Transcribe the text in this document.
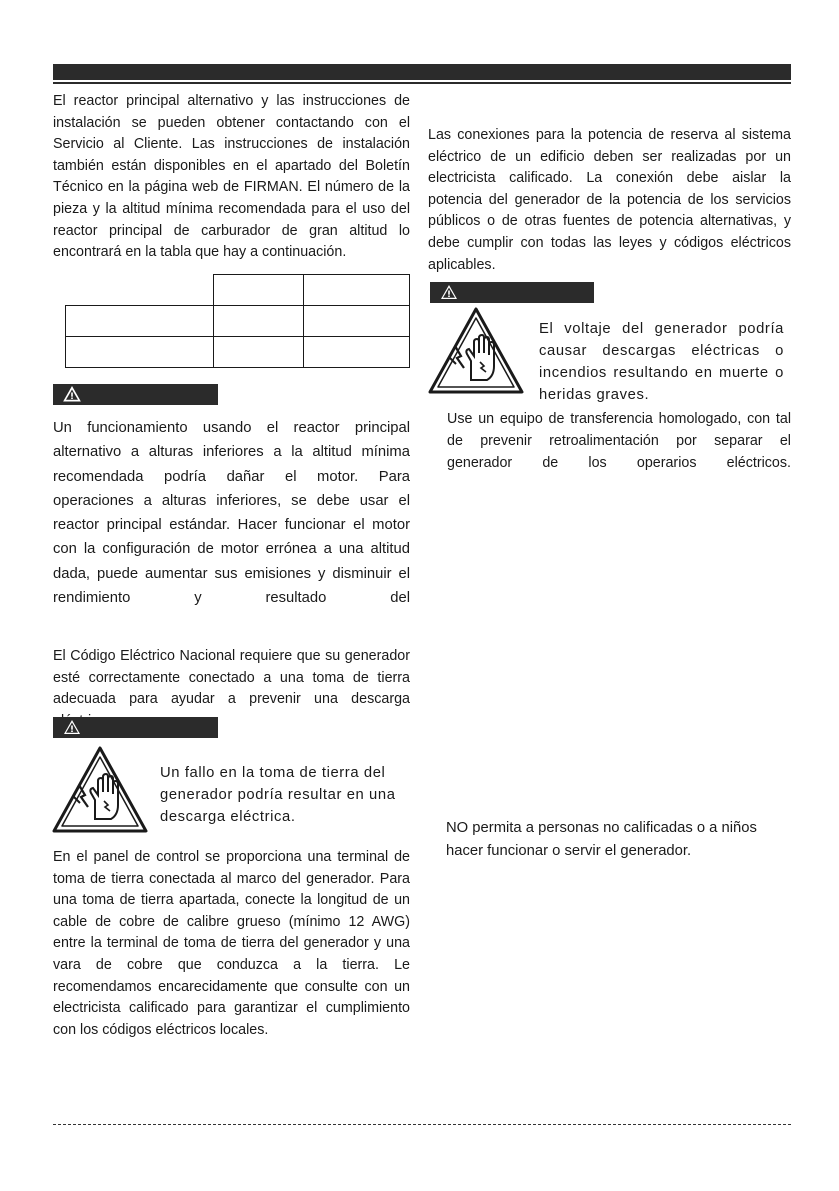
El reactor principal alternativo y las instrucciones de instalación se pueden obtener contactando con el Servicio al Cliente. Las instrucciones de instalación también están disponibles en el apartado del Boletín Técnico en la página web de FIRMAN. El número de la pieza y la altitud mínima recomendada para el uso del reactor principal de carburador de gran altitud lo encontrará en la tabla que hay a continuación.

Un funcionamiento usando el reactor principal alternativo a alturas inferiores a la altitud mínima recomendada podría dañar el motor. Para operaciones a alturas inferiores, se debe usar el reactor principal estándar. Hacer funcionar el motor con la configuración de motor errónea a una altitud dada, puede aumentar sus emisiones y disminuir el rendimiento y resultado del

El Código Eléctrico Nacional requiere que su generador esté correctamente conectado a una toma de tierra adecuada para ayudar a prevenir una descarga

Un fallo en la toma de tierra del generador podría resultar en una descarga eléctrica.

En el panel de control se proporciona una terminal de toma de tierra conectada al marco del generador. Para una toma de tierra apartada, conecte la longitud de un cable de cobre de calibre grueso (mínimo 12 AWG) entre la terminal de toma de tierra del generador y una vara de cobre que conduzca a la tierra. Le recomendamos encarecidamente que consulte con un electricista calificado para garantizar el cumplimiento con los códigos eléctricos locales.

Las conexiones para la potencia de reserva al sistema eléctrico de un edificio deben ser realizadas por un electricista calificado. La conexión debe aislar la potencia del generador de la potencia de los servicios públicos o de otras fuentes de potencia alternativas, y debe cumplir con todas las leyes y códigos eléctricos aplicables.

El voltaje del generador podría causar descargas eléctricas o incendios resultando en muerte o heridas graves.

Use un equipo de transferencia homologado, con tal de prevenir retroalimentación por separar el generador de los operarios eléctricos.

NO permita a personas no calificadas o a niños hacer funcionar o servir el generador.
